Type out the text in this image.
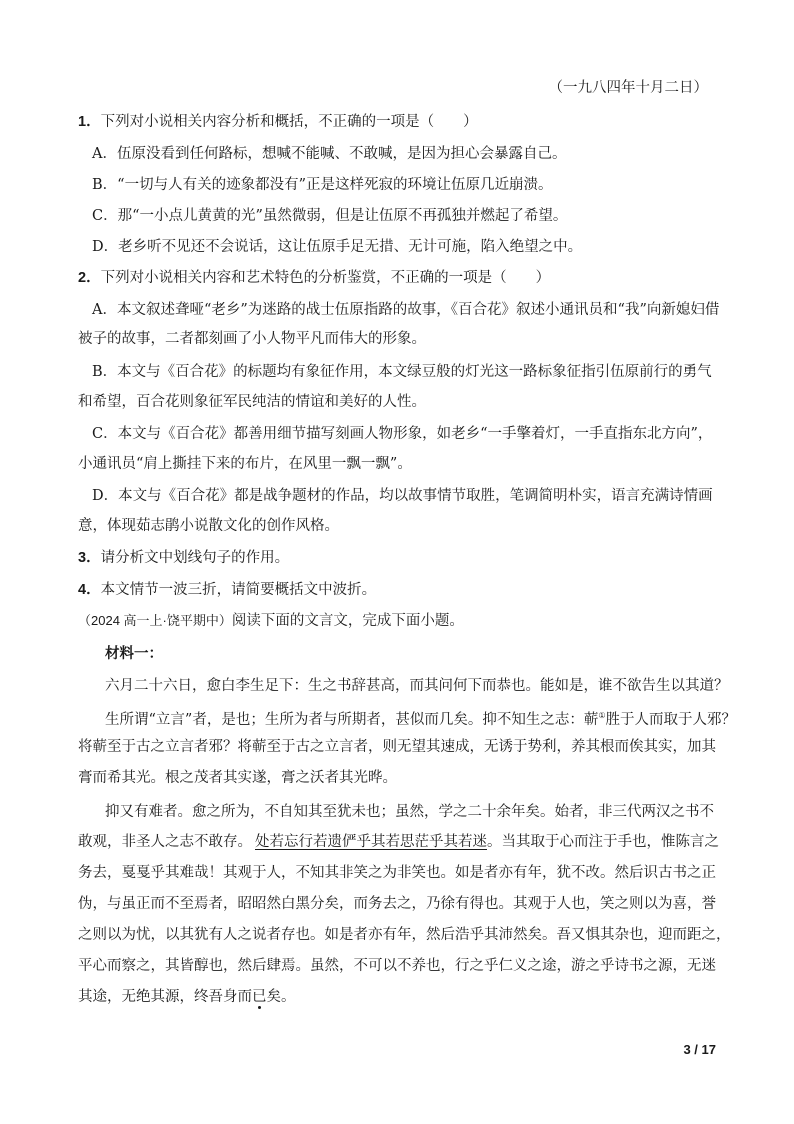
（一九八四年十月二日）
1．下列对小说相关内容分析和概括，不正确的一项是（　　）
A．伍原没看到任何路标，想喊不能喊、不敢喊，是因为担心会暴露自己。
B．“一切与人有关的迹象都没有”正是这样死寂的环境让伍原几近崩溃。
C．那“一小点儿黄黄的光”虽然微弱，但是让伍原不再孤独并燃起了希望。
D．老乡听不见还不会说话，这让伍原手足无措、无计可施，陷入绝望之中。
2．下列对小说相关内容和艺术特色的分析鉴赏，不正确的一项是（　　）
A．本文叙述聋哑“老乡”为迷路的战士伍原指路的故事，《百合花》叙述小通讯员和“我”向新媳妇借
被子的故事，二者都刻画了小人物平凡而伟大的形象。
B．本文与《百合花》的标题均有象征作用，本文绿豆般的灯光这一路标象征指引伍原前行的勇气
和希望，百合花则象征军民纯洁的情谊和美好的人性。
C．本文与《百合花》都善用细节描写刻画人物形象，如老乡“一手擎着灯，一手直指东北方向”，
小通讯员“肩上撕挂下来的布片，在风里一飘一飘”。
D．本文与《百合花》都是战争题材的作品，均以故事情节取胜，笔调简明朴实，语言充满诗情画
意，体现茹志鹃小说散文化的创作风格。
3．请分析文中划线句子的作用。
4．本文情节一波三折，请简要概括文中波折。
（2024 高一上·饶平期中）阅读下面的文言文，完成下面小题。
材料一：
六月二十六日，愈白李生足下：生之书辞甚高，而其问何下而恭也。能如是，谁不欲告生以其道？
生所谓“立言”者，是也；生所为者与所期者，甚似而几矣。抑不知生之志：蕲①胜于人而取于人邪？
将蕲至于古之立言者邪？将蕲至于古之立言者，则无望其速成，无诱于势利，养其根而俟其实，加其
膏而希其光。根之茂者其实遂，膏之沃者其光晔。
抑又有难者。愈之所为，不自知其至犹未也；虽然，学之二十余年矣。始者，非三代两汉之书不
敢观，非圣人之志不敢存。 处若忘行若遗俨乎其若思茫乎其若迷。当其取于心而注于手也，惟陈言之
务去，戛戛乎其难哉！其观于人，不知其非笑之为非笑也。如是者亦有年，犹不改。然后识古书之正
伪，与虽正而不至焉者，昭昭然白黑分矣，而务去之，乃徐有得也。其观于人也，笑之则以为喜，誉
之则以为忧，以其犹有人之说者存也。如是者亦有年，然后浩乎其沛然矣。吾又惧其杂也，迎而距之，
平心而察之，其皆醇也，然后肆焉。虽然，不可以不养也，行之乎仁义之途，游之乎诗书之源，无迷
其途，无绝其源，终吾身而已矣。
3 / 17
